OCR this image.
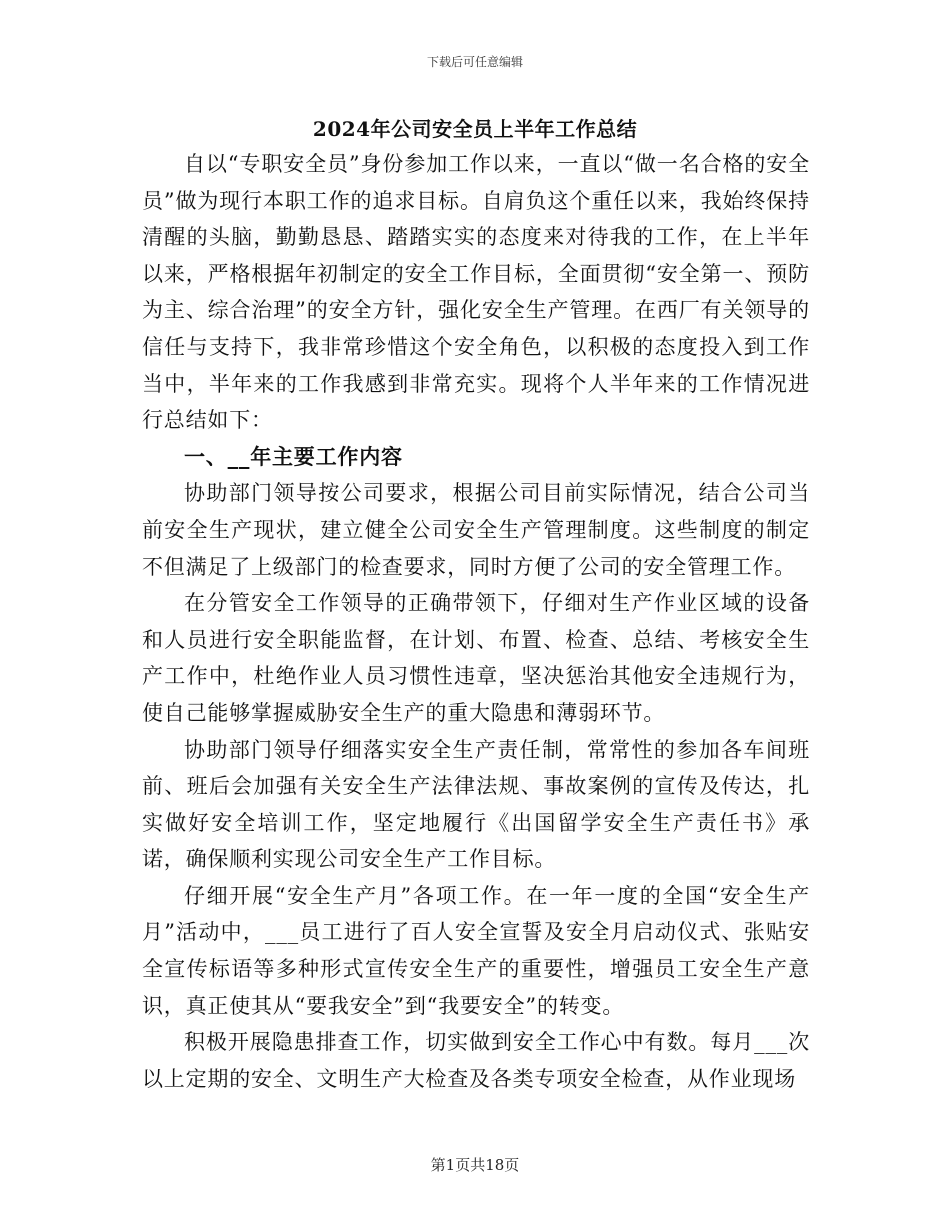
下载后可任意编辑
2024年公司安全员上半年工作总结

自以“专职安全员”身份参加工作以来，一直以“做一名合格的安全员”做为现行本职工作的追求目标。自肩负这个重任以来，我始终保持清醒的头脑，勤勤恳恳、踏踏实实的态度来对待我的工作，在上半年以来，严格根据年初制定的安全工作目标，全面贯彻“安全第一、预防为主、综合治理”的安全方针，强化安全生产管理。在西厂有关领导的信任与支持下，我非常珍惜这个安全角色，以积极的态度投入到工作当中，半年来的工作我感到非常充实。现将个人半年来的工作情况进行总结如下：

一、__年主要工作内容

协助部门领导按公司要求，根据公司目前实际情况，结合公司当前安全生产现状，建立健全公司安全生产管理制度。这些制度的制定不但满足了上级部门的检查要求，同时方便了公司的安全管理工作。

在分管安全工作领导的正确带领下，仔细对生产作业区域的设备和人员进行安全职能监督，在计划、布置、检查、总结、考核安全生产工作中，杜绝作业人员习惯性违章，坚决惩治其他安全违规行为，使自己能够掌握威胁安全生产的重大隐患和薄弱环节。

协助部门领导仔细落实安全生产责任制，常常性的参加各车间班前、班后会加强有关安全生产法律法规、事故案例的宣传及传达，扎实做好安全培训工作，坚定地履行《出国留学安全生产责任书》承诺，确保顺利实现公司安全生产工作目标。

仔细开展“安全生产月”各项工作。在一年一度的全国“安全生产月”活动中，___员工进行了百人安全宣誓及安全月启动仪式、张贴安全宣传标语等多种形式宣传安全生产的重要性，增强员工安全生产意识，真正使其从“要我安全”到“我要安全”的转变。

积极开展隐患排查工作，切实做到安全工作心中有数。每月___次以上定期的安全、文明生产大检查及各类专项安全检查，从作业现场

第1页共18页
